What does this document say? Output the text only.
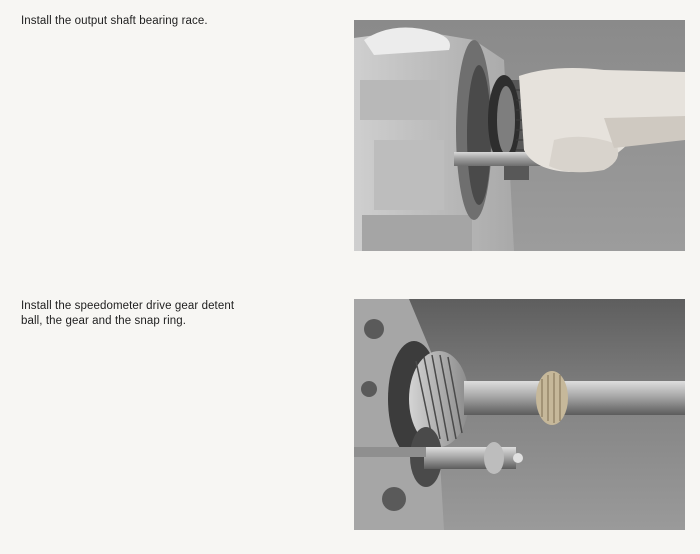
Install the output shaft bearing race.
Install the speedometer drive gear detent
ball, the gear and the snap ring.
